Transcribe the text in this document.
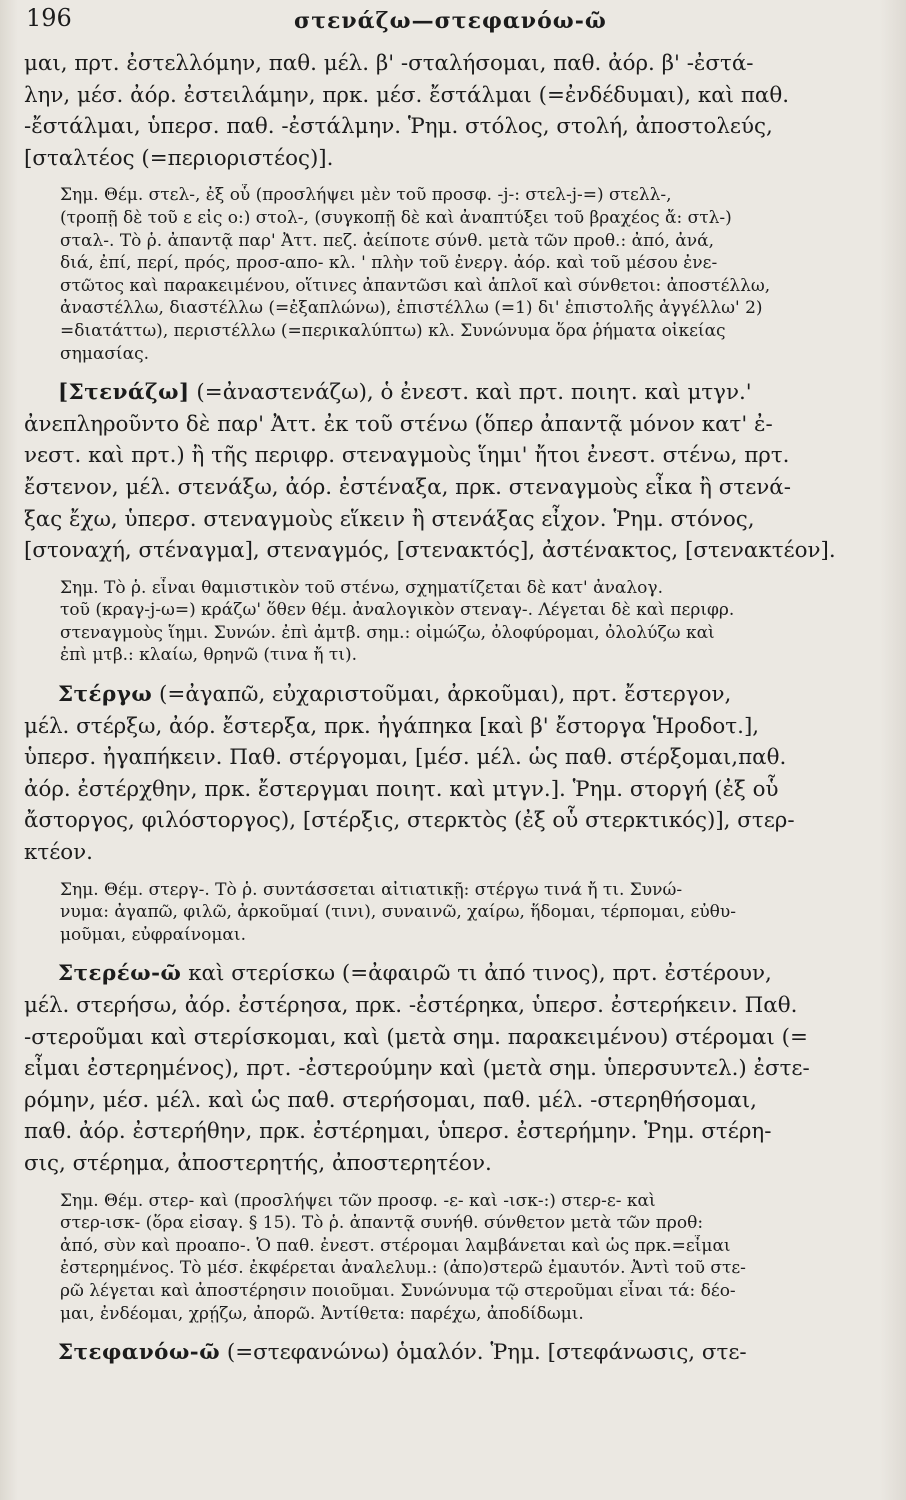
196	στενάζω—στεφανόω-ῶ
μαι, πρτ. ἐστελλόμην, παθ. μέλ. β' -σταλήσομαι, παθ. ἀόρ. β' -ἐστά-
λην, μέσ. ἀόρ. ἐστειλάμην, πρκ. μέσ. ἔστάλμαι (=ἐνδέδυμαι), καὶ παθ.
-ἔστάλμαι, ὑπερσ. παθ. -ἐστάλμην. Ῥημ. στόλος, στολή, ἀποστολεύς,
[σταλτέος (=περιοριστέος)].
Σημ. Θέμ. στελ-, ἐξ οὗ (προσλήψει μὲν τοῦ προσφ. -j-: στελ-j-=) στελλ-,
(τροπῇ δὲ τοῦ ε εἰς ο:) στολ-, (συγκοπῇ δὲ καὶ ἀναπτύξει τοῦ βραχέος ἄ: στλ-)
σταλ-. Τὸ ῥ. ἀπαντᾷ παρ' Ἀττ. πεζ. ἀείποτε σύνθ. μετὰ τῶν προθ.: ἀπό, ἀνά,
διά, ἐπί, περί, πρός, προσ-απο- κλ. ' πλὴν τοῦ ἐνεργ. ἀόρ. καὶ τοῦ μέσου ἐνε-
στῶτος καὶ παρακειμένου, οἵτινες ἀπαντῶσι καὶ ἁπλοῖ καὶ σύνθετοι: ἀποστέλλω,
ἀναστέλλω, διαστέλλω (=ἐξαπλώνω), ἐπιστέλλω (=1) δι' ἐπιστολῆς ἀγγέλλω' 2)
=διατάττω), περιστέλλω (=περικαλύπτω) κλ. Συνώνυμα ὅρα ῥήματα οἰκείας
σημασίας.
[Στενάζω] (=ἀναστενάζω), ὁ ἐνεστ. καὶ πρτ. ποιητ. καὶ μτγν.'
ἀνεπληροῦντο δὲ παρ' Ἀττ. ἐκ τοῦ στένω (ὅπερ ἀπαντᾷ μόνον κατ' ἐ-
νεστ. καὶ πρτ.) ἢ τῆς περιφρ. στεναγμοὺς ἵημι' ἤτοι ἐνεστ. στένω, πρτ.
ἔστενον, μέλ. στενάξω, ἀόρ. ἐστέναξα, πρκ. στεναγμοὺς εἶκα ἢ στενά-
ξας ἔχω, ὑπερσ. στεναγμοὺς εἵκειν ἢ στενάξας εἶχον. Ῥημ. στόνος,
[στοναχή, στέναγμα], στεναγμός, [στενακτός], ἀστένακτος, [στενακτέον].
Σημ. Τὸ ῥ. εἶναι θαμιστικὸν τοῦ στένω, σχηματίζεται δὲ κατ' ἀναλογ.
τοῦ (κραγ-j-ω=) κράζω' ὅθεν θέμ. ἀναλογικὸν στεναγ-. Λέγεται δὲ καὶ περιφρ.
στεναγμοὺς ἵημι. Συνών. ἐπὶ ἀμτβ. σημ.: οἰμώζω, ὀλοφύρομαι, ὀλολύζω καὶ
ἐπὶ μτβ.: κλαίω, θρηνῶ (τινα ἤ τι).
Στέργω (=ἀγαπῶ, εὐχαριστοῦμαι, ἀρκοῦμαι), πρτ. ἔστεργον,
μέλ. στέρξω, ἀόρ. ἔστερξα, πρκ. ἠγάπηκα [καὶ β' ἔστοργα Ἡροδοτ.],
ὑπερσ. ἠγαπήκειν. Παθ. στέργομαι, [μέσ. μέλ. ὡς παθ. στέρξομαι,παθ.
ἀόρ. ἐστέρχθην, πρκ. ἔστεργμαι ποιητ. καὶ μτγν.]. Ῥημ. στοργή (ἐξ οὗ
ἄστοργος, φιλόστοργος), [στέρξις, στερκτὸς (ἐξ οὗ στερκτικός)], στερ-
κτέον.
Σημ. Θέμ. στεργ-. Τὸ ῥ. συντάσσεται αἰτιατικῇ: στέργω τινά ἤ τι. Συνώ-
νυμα: ἀγαπῶ, φιλῶ, ἀρκοῦμαί (τινι), συναινῶ, χαίρω, ἥδομαι, τέρπομαι, εὐθυ-
μοῦμαι, εὐφραίνομαι.
Στερέω-ῶ καὶ στερίσκω (=ἀφαιρῶ τι ἀπό τινος), πρτ. ἐστέρουν,
μέλ. στερήσω, ἀόρ. ἐστέρησα, πρκ. -ἐστέρηκα, ὑπερσ. ἐστερήκειν. Παθ.
-στεροῦμαι καὶ στερίσκομαι, καὶ (μετὰ σημ. παρακειμένου) στέρομαι (=
εἶμαι ἐστερημένος), πρτ. -ἐστερούμην καὶ (μετὰ σημ. ὑπερσυντελ.) ἐστε-
ρόμην, μέσ. μέλ. καὶ ὡς παθ. στερήσομαι, παθ. μέλ. -στερηθήσομαι,
παθ. ἀόρ. ἐστερήθην, πρκ. ἐστέρημαι, ὑπερσ. ἐστερήμην. Ῥημ. στέρη-
σις, στέρημα, ἀποστερητής, ἀποστερητέον.
Σημ. Θέμ. στερ- καὶ (προσλήψει τῶν προσφ. -ε- καὶ -ισκ-:) στερ-ε- καὶ
στερ-ισκ- (ὅρα εἰσαγ. § 15). Τὸ ῥ. ἀπαντᾷ συνήθ. σύνθετον μετὰ τῶν προθ:
ἀπό, σὺν καὶ προαπο-. Ὁ παθ. ἐνεστ. στέρομαι λαμβάνεται καὶ ὡς πρκ.=εἶμαι
ἐστερημένος. Τὸ μέσ. ἐκφέρεται ἀναλελυμ.: (ἀπο)στερῶ ἐμαυτόν. Ἀντὶ τοῦ στε-
ρῶ λέγεται καὶ ἀποστέρησιν ποιοῦμαι. Συνώνυμα τῷ στεροῦμαι εἶναι τά: δέο-
μαι, ἐνδέομαι, χρῄζω, ἀπορῶ. Ἀντίθετα: παρέχω, ἀποδίδωμι.
Στεφανόω-ῶ (=στεφανώνω) ὁμαλόν. Ῥημ. [στεφάνωσις, στε-
